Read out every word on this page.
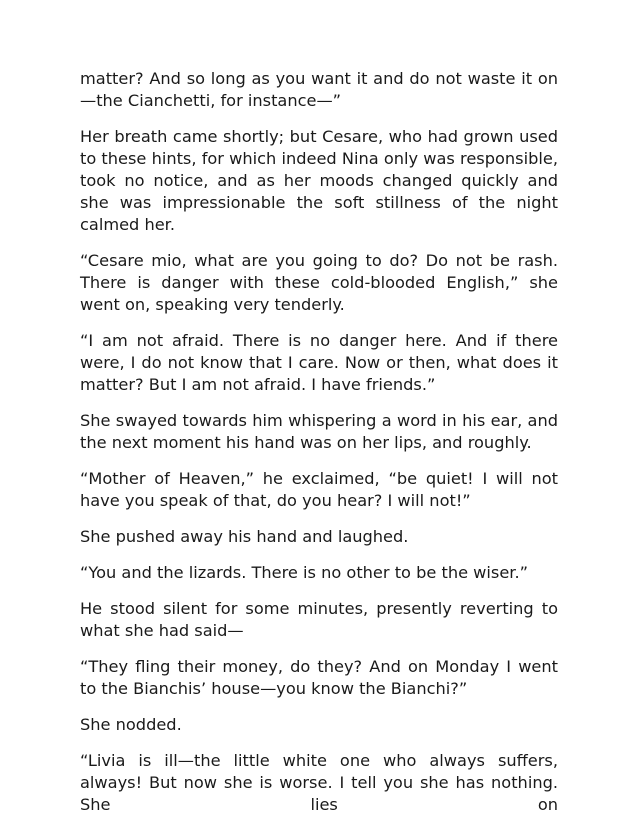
matter? And so long as you want it and do not waste it on—the Cianchetti, for instance—”

Her breath came shortly; but Cesare, who had grown used to these hints, for which indeed Nina only was responsible, took no notice, and as her moods changed quickly and she was impressionable the soft stillness of the night calmed her.

“Cesare mio, what are you going to do? Do not be rash. There is danger with these cold-blooded English,” she went on, speaking very tenderly.

“I am not afraid. There is no danger here. And if there were, I do not know that I care. Now or then, what does it matter? But I am not afraid. I have friends.”

She swayed towards him whispering a word in his ear, and the next moment his hand was on her lips, and roughly.

“Mother of Heaven,” he exclaimed, “be quiet! I will not have you speak of that, do you hear? I will not!”

She pushed away his hand and laughed.

“You and the lizards. There is no other to be the wiser.”

He stood silent for some minutes, presently reverting to what she had said—

“They fling their money, do they? And on Monday I went to the Bianchis’ house—you know the Bianchi?”

She nodded.

“Livia is ill—the little white one who always suffers, always! But now she is worse. I tell you she has nothing. She lies on
